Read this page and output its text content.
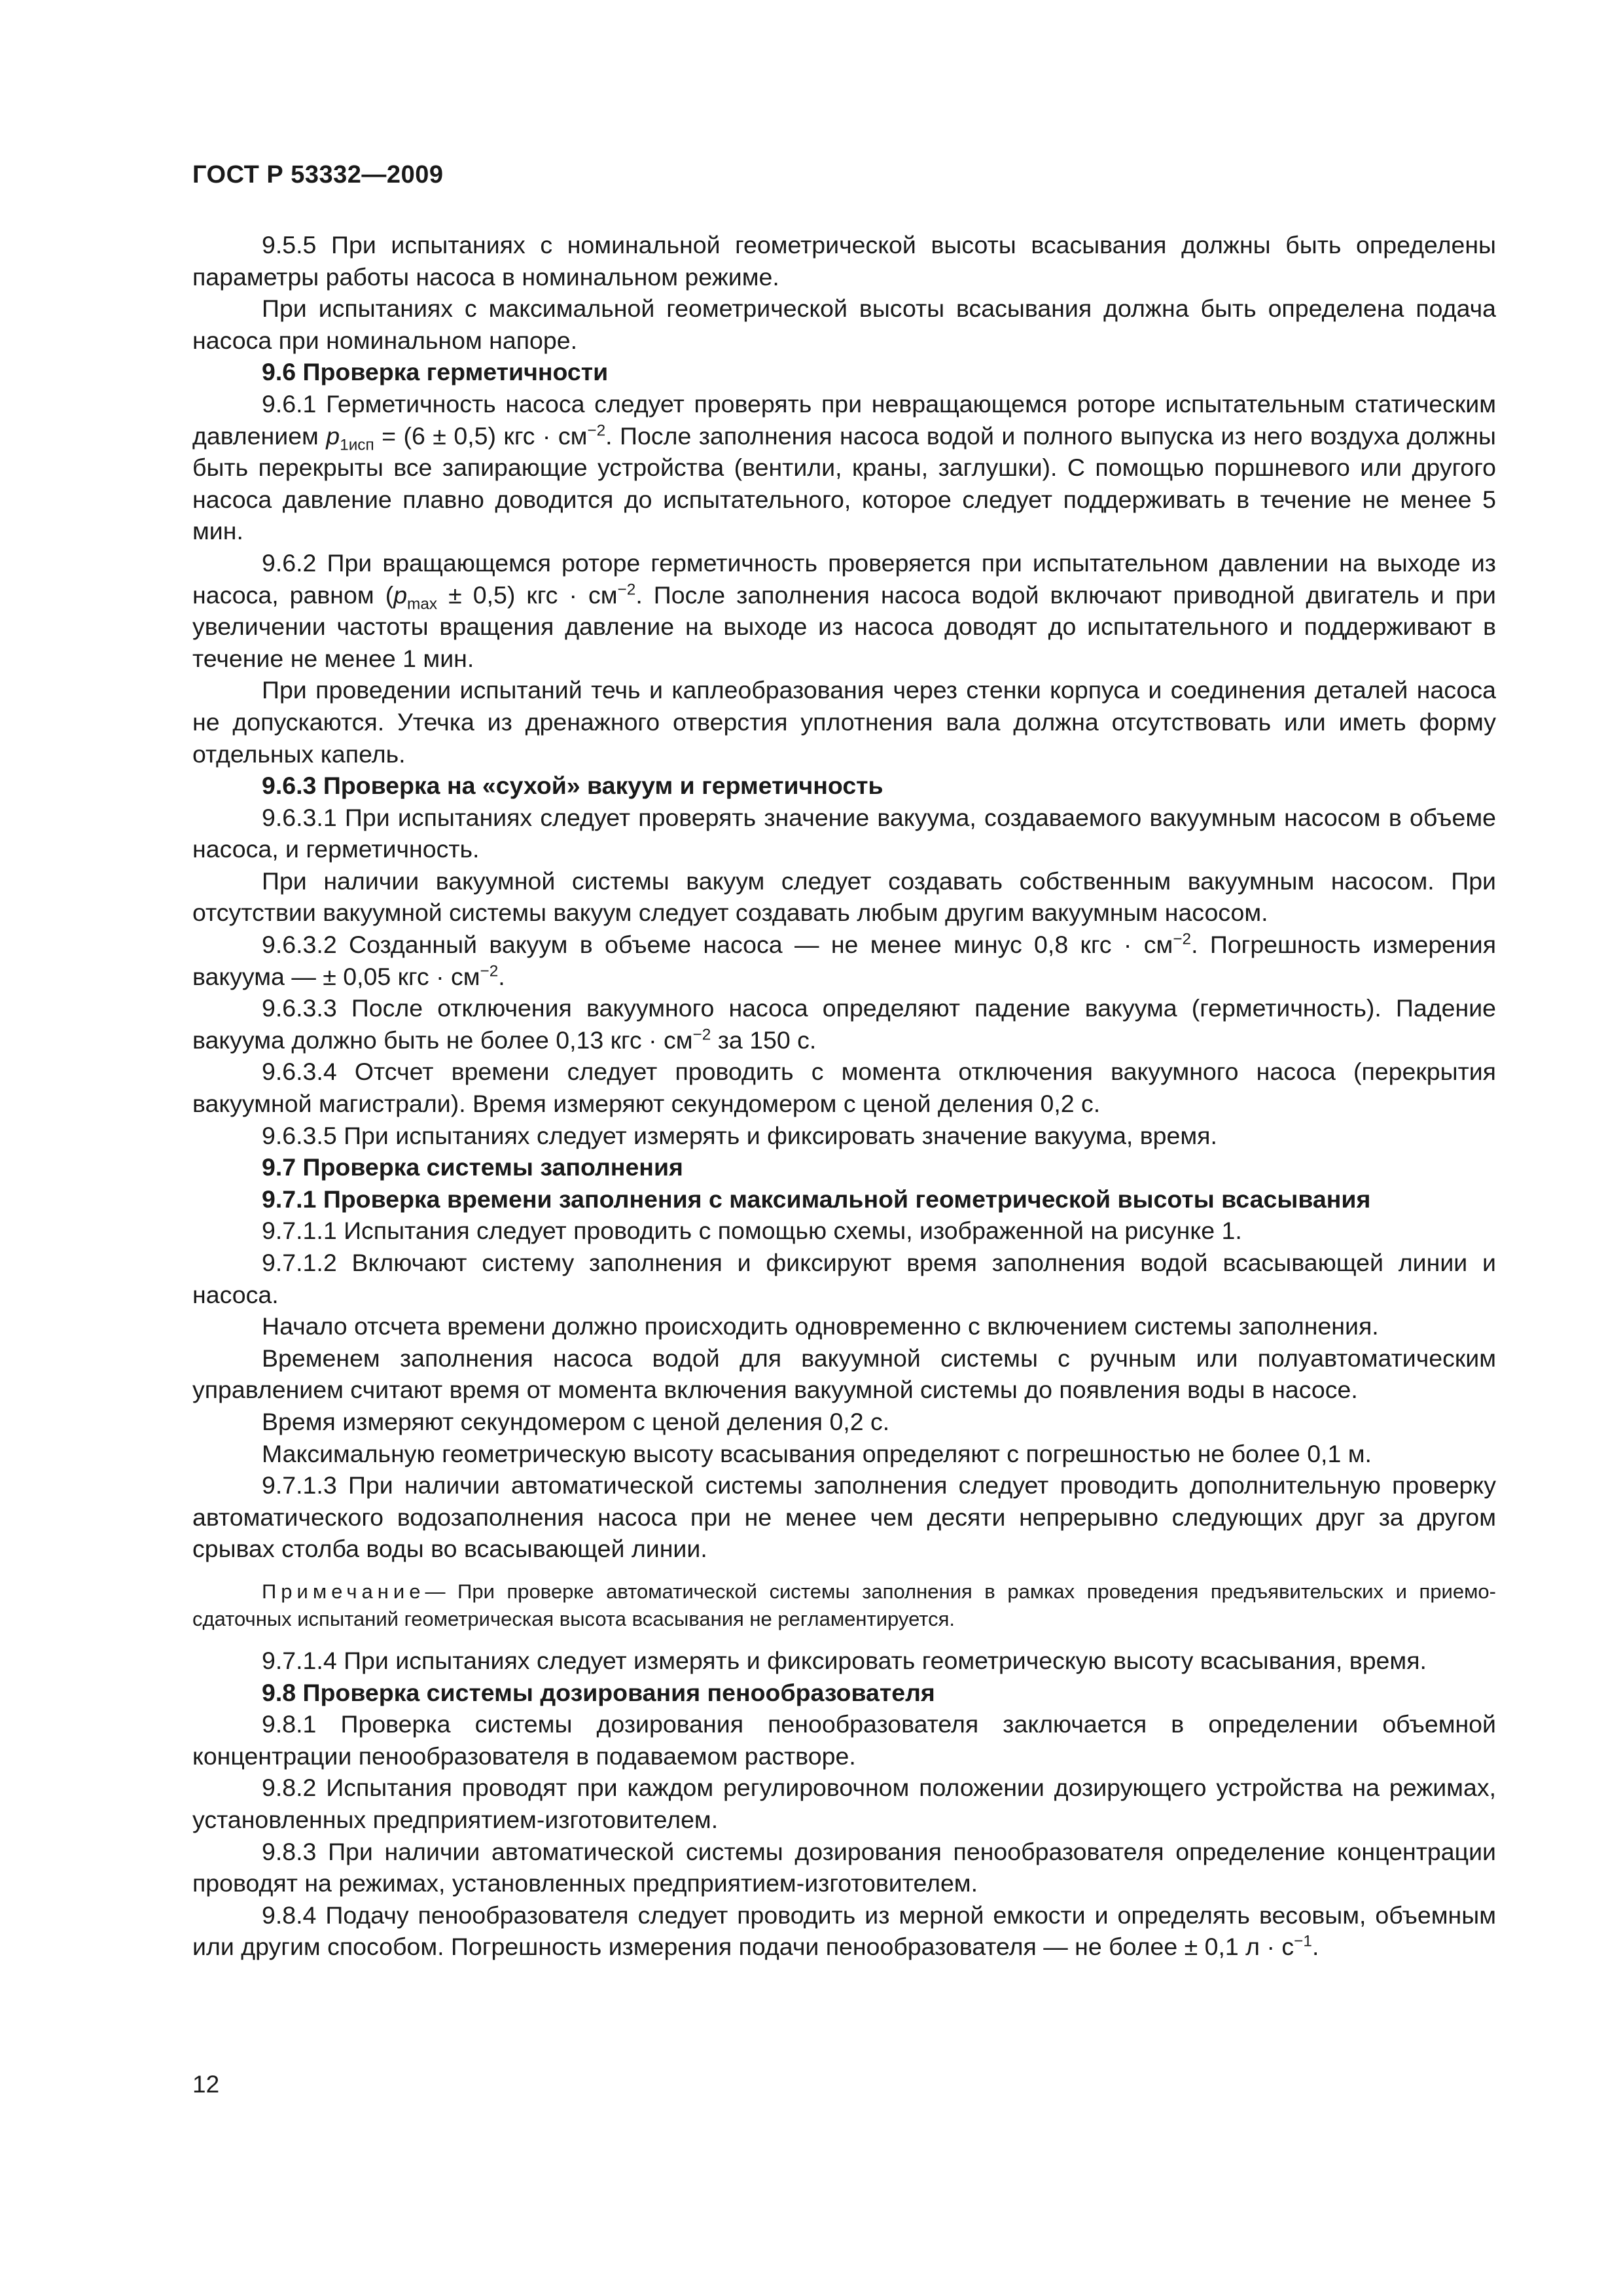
ГОСТ Р 53332—2009

9.5.5 При испытаниях с номинальной геометрической высоты всасывания должны быть определены параметры работы насоса в номинальном режиме.

При испытаниях с максимальной геометрической высоты всасывания должна быть определена подача насоса при номинальном напоре.

9.6 Проверка герметичности

9.6.1 Герметичность насоса следует проверять при невращающемся роторе испытательным статическим давлением $p_{1исп} = (6 \pm 0,5)$ кгс · $см^{-2}$. После заполнения насоса водой и полного выпуска из него воздуха должны быть перекрыты все запирающие устройства (вентили, краны, заглушки). С помощью поршневого или другого насоса давление плавно доводится до испытательного, которое следует поддерживать в течение не менее 5 мин.

9.6.2 При вращающемся роторе герметичность проверяется при испытательном давлении на выходе из насоса, равном $(p_{max} \pm 0,5)$ кгс · $см^{-2}$. После заполнения насоса водой включают приводной двигатель и при увеличении частоты вращения давление на выходе из насоса доводят до испытательного и поддерживают в течение не менее 1 мин.

При проведении испытаний течь и каплеобразования через стенки корпуса и соединения деталей насоса не допускаются. Утечка из дренажного отверстия уплотнения вала должна отсутствовать или иметь форму отдельных капель.

9.6.3 Проверка на «сухой» вакуум и герметичность

9.6.3.1 При испытаниях следует проверять значение вакуума, создаваемого вакуумным насосом в объеме насоса, и герметичность.

При наличии вакуумной системы вакуум следует создавать собственным вакуумным насосом. При отсутствии вакуумной системы вакуум следует создавать любым другим вакуумным насосом.

9.6.3.2 Созданный вакуум в объеме насоса — не менее минус 0,8 кгс · $см^{-2}$. Погрешность измерения вакуума — ± 0,05 кгс · $см^{-2}$.

9.6.3.3 После отключения вакуумного насоса определяют падение вакуума (герметичность). Падение вакуума должно быть не более 0,13 кгс · $см^{-2}$ за 150 с.

9.6.3.4 Отсчет времени следует проводить с момента отключения вакуумного насоса (перекрытия вакуумной магистрали). Время измеряют секундомером с ценой деления 0,2 с.

9.6.3.5 При испытаниях следует измерять и фиксировать значение вакуума, время.

9.7 Проверка системы заполнения

9.7.1 Проверка времени заполнения с максимальной геометрической высоты всасывания

9.7.1.1 Испытания следует проводить с помощью схемы, изображенной на рисунке 1.

9.7.1.2 Включают систему заполнения и фиксируют время заполнения водой всасывающей линии и насоса.

Начало отсчета времени должно происходить одновременно с включением системы заполнения.

Временем заполнения насоса водой для вакуумной системы с ручным или полуавтоматическим управлением считают время от момента включения вакуумной системы до появления воды в насосе.

Время измеряют секундомером с ценой деления 0,2 с.

Максимальную геометрическую высоту всасывания определяют с погрешностью не более 0,1 м.

9.7.1.3 При наличии автоматической системы заполнения следует проводить дополнительную проверку автоматического водозаполнения насоса при не менее чем десяти непрерывно следующих друг за другом срывах столба воды во всасывающей линии.

Примечание— При проверке автоматической системы заполнения в рамках проведения предъявительских и приемо-сдаточных испытаний геометрическая высота всасывания не регламентируется.

9.7.1.4 При испытаниях следует измерять и фиксировать геометрическую высоту всасывания, время.

9.8 Проверка системы дозирования пенообразователя

9.8.1 Проверка системы дозирования пенообразователя заключается в определении объемной концентрации пенообразователя в подаваемом растворе.

9.8.2 Испытания проводят при каждом регулировочном положении дозирующего устройства на режимах, установленных предприятием-изготовителем.

9.8.3 При наличии автоматической системы дозирования пенообразователя определение концентрации проводят на режимах, установленных предприятием-изготовителем.

9.8.4 Подачу пенообразователя следует проводить из мерной емкости и определять весовым, объемным или другим способом. Погрешность измерения подачи пенообразователя — не более ± 0,1 $л \cdot с^{-1}$.

12
